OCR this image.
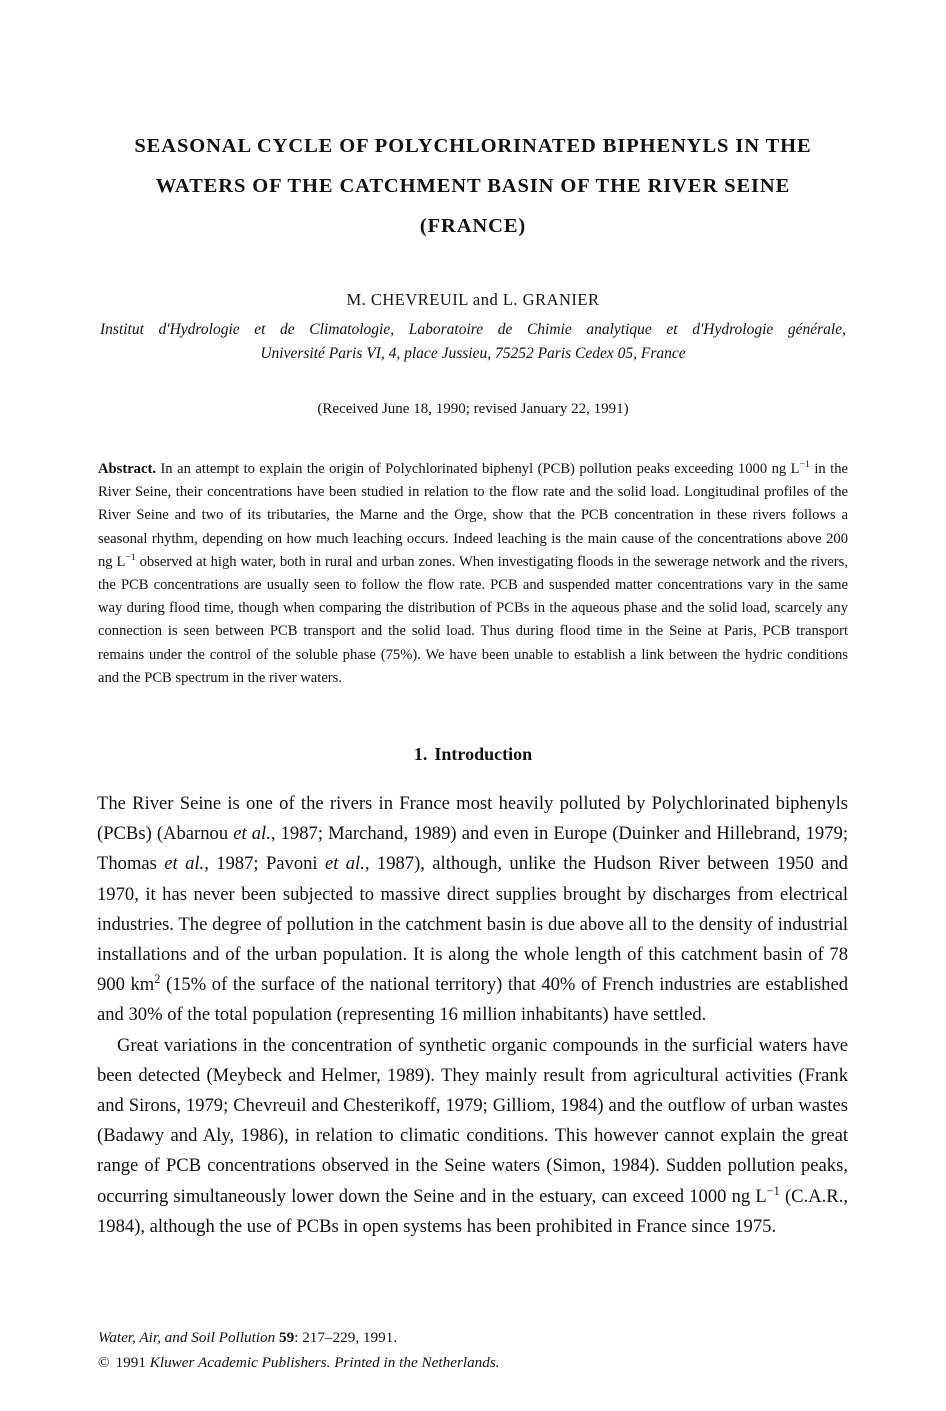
SEASONAL CYCLE OF POLYCHLORINATED BIPHENYLS IN THE
WATERS OF THE CATCHMENT BASIN OF THE RIVER SEINE
(FRANCE)
M. CHEVREUIL and L. GRANIER
Institut d'Hydrologie et de Climatologie, Laboratoire de Chimie analytique et d'Hydrologie générale,
Université Paris VI, 4, place Jussieu, 75252 Paris Cedex 05, France
(Received June 18, 1990; revised January 22, 1991)
Abstract. In an attempt to explain the origin of Polychlorinated biphenyl (PCB) pollution peaks exceeding 1000 ng $L^{-1}$ in the River Seine, their concentrations have been studied in relation to the flow rate and the solid load. Longitudinal profiles of the River Seine and two of its tributaries, the Marne and the Orge, show that the PCB concentration in these rivers follows a seasonal rhythm, depending on how much leaching occurs. Indeed leaching is the main cause of the concentrations above 200 ng $L^{-1}$ observed at high water, both in rural and urban zones. When investigating floods in the sewerage network and the rivers, the PCB concentrations are usually seen to follow the flow rate. PCB and suspended matter concentrations vary in the same way during flood time, though when comparing the distribution of PCBs in the aqueous phase and the solid load, scarcely any connection is seen between PCB transport and the solid load. Thus during flood time in the Seine at Paris, PCB transport remains under the control of the soluble phase (75%). We have been unable to establish a link between the hydric conditions and the PCB spectrum in the river waters.
1. Introduction

The River Seine is one of the rivers in France most heavily polluted by Polychlorinated biphenyls (PCBs) (Abarnou et al., 1987; Marchand, 1989) and even in Europe (Duinker and Hillebrand, 1979; Thomas et al., 1987; Pavoni et al., 1987), although, unlike the Hudson River between 1950 and 1970, it has never been subjected to massive direct supplies brought by discharges from electrical industries. The degree of pollution in the catchment basin is due above all to the density of industrial installations and of the urban population. It is along the whole length of this catchment basin of 78 900 $km^2$ (15% of the surface of the national territory) that 40% of French industries are established and 30% of the total population (representing 16 million inhabitants) have settled.

Great variations in the concentration of synthetic organic compounds in the surficial waters have been detected (Meybeck and Helmer, 1989). They mainly result from agricultural activities (Frank and Sirons, 1979; Chevreuil and Chesterikoff, 1979; Gilliom, 1984) and the outflow of urban wastes (Badawy and Aly, 1986), in relation to climatic conditions. This however cannot explain the great range of PCB concentrations observed in the Seine waters (Simon, 1984). Sudden pollution peaks, occurring simultaneously lower down the Seine and in the estuary, can exceed 1000 ng $L^{-1}$ (C.A.R., 1984), although the use of PCBs in open systems has been prohibited in France since 1975.

Water, Air, and Soil Pollution 59: 217–229, 1991.
© 1991 Kluwer Academic Publishers. Printed in the Netherlands.
